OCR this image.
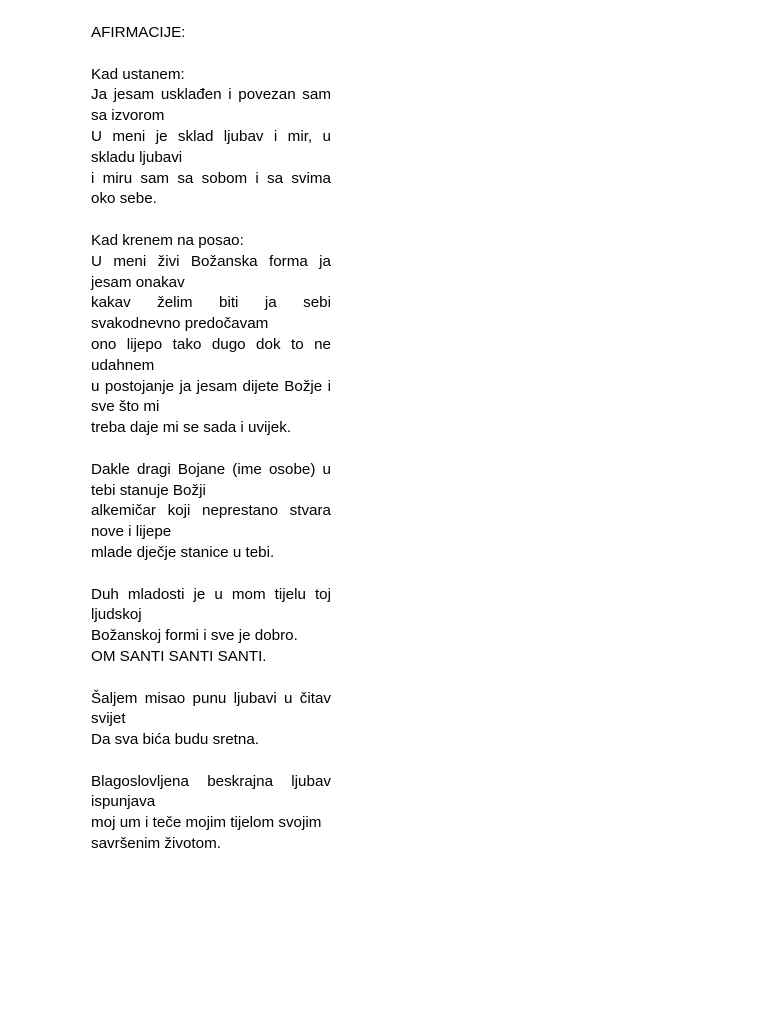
AFIRMACIJE:
Kad ustanem:
Ja jesam usklađen i povezan sam sa izvorom
U meni je sklad ljubav i mir, u skladu ljubavi
i miru sam sa sobom i sa svima oko sebe.
Kad krenem na posao:
U meni živi Božanska forma ja jesam onakav
kakav želim biti ja sebi svakodnevno predočavam
ono lijepo tako dugo dok to ne udahnem
u postojanje ja jesam dijete Božje i sve što mi
treba daje mi se sada i uvijek.
Dakle dragi Bojane (ime osobe) u tebi stanuje Božji
alkemičar koji neprestano stvara nove i lijepe
mlade dječje stanice u tebi.
Duh mladosti je u mom tijelu toj ljudskoj
Božanskoj formi i sve je dobro.
OM SANTI SANTI SANTI.
Šaljem misao punu ljubavi u čitav svijet
Da sva bića budu sretna.
Blagoslovljena beskrajna ljubav ispunjava
moj um i teče mojim tijelom svojim
savršenim životom.
